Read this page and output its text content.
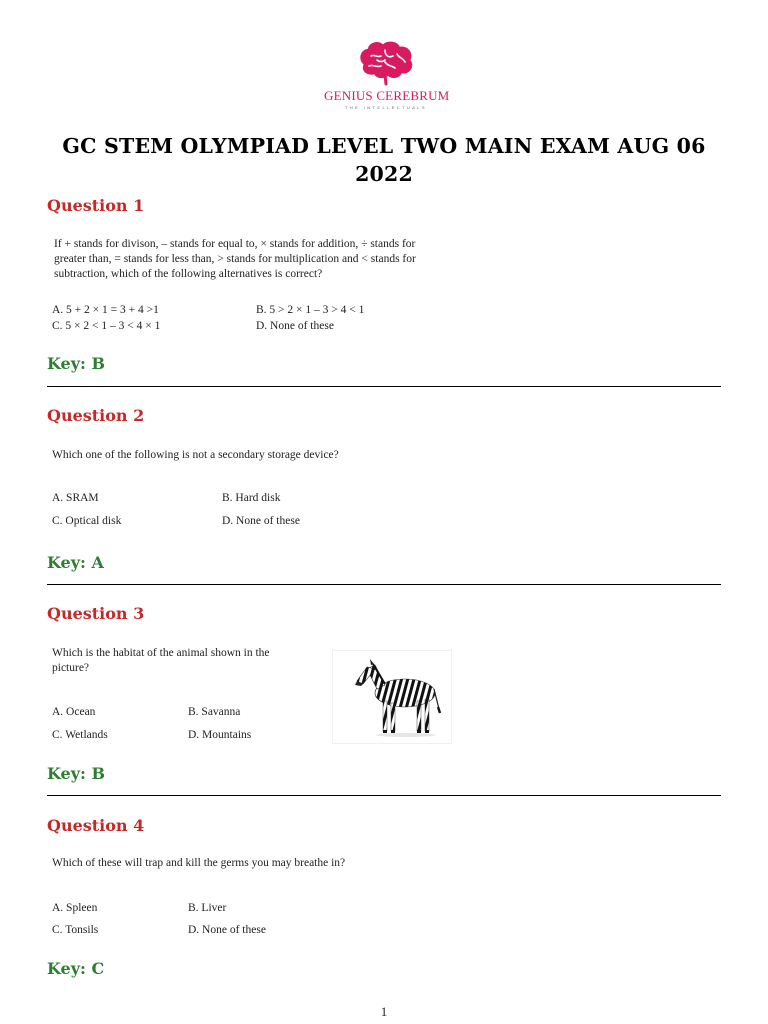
GENIUS CEREBRUM
THE INTELLECTUALS
GC STEM OLYMPIAD LEVEL TWO MAIN EXAM AUG 06 2022
Question 1
If + stands for divison, – stands for equal to, × stands for addition, ÷ stands for
greater than, = stands for less than, > stands for multiplication and < stands for
subtraction, which of the following alternatives is correct?
A. 5 + 2 × 1 = 3 + 4 >1	B. 5 > 2 × 1 – 3 > 4 < 1
C. 5 × 2 < 1 – 3 < 4 × 1	D. None of these
Key: B
Question 2
Which one of the following is not a secondary storage device?
A. SRAM	B. Hard disk
C. Optical disk	D. None of these
Key: A
Question 3
Which is the habitat of the animal shown in the
picture?
A. Ocean	B. Savanna
C. Wetlands	D. Mountains
Key: B
Question 4
Which of these will trap and kill the germs you may breathe in?
A. Spleen	B. Liver
C. Tonsils	D. None of these
Key: C
1
